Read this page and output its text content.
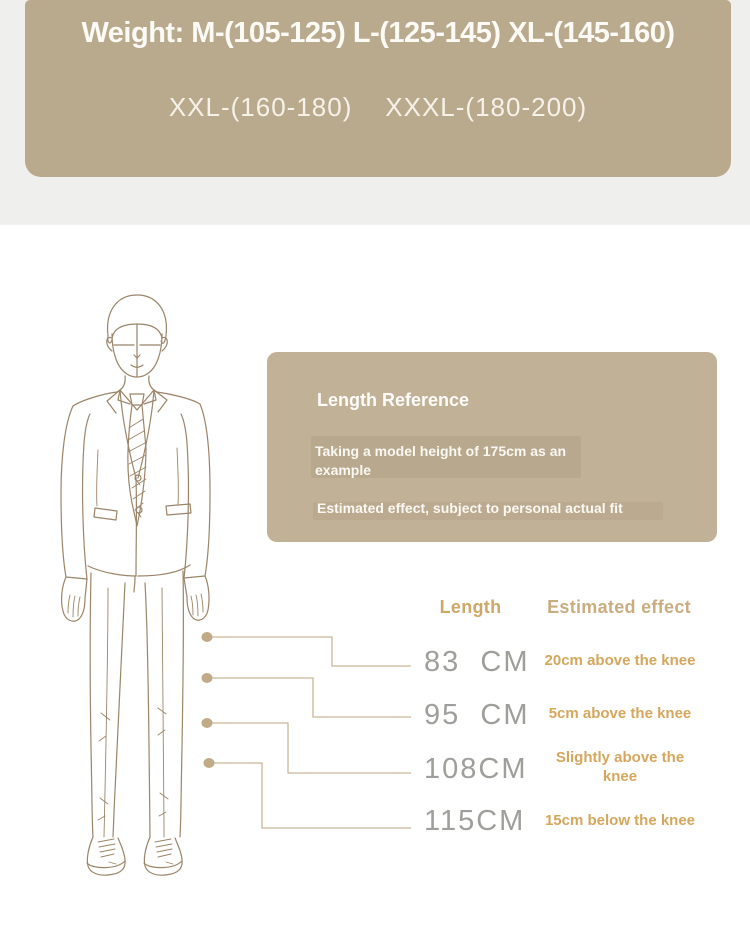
Weight: M-(105-125) L-(125-145) XL-(145-160)
XXL-(160-180)    XXXL-(180-200)
Length Reference
Taking a model height of 175cm as an example
Estimated effect, subject to personal actual fit
Length	Estimated effect
83  CM	20cm above the knee
95  CM	5cm above the knee
108CM	Slightly above the knee
115CM	15cm below the knee
